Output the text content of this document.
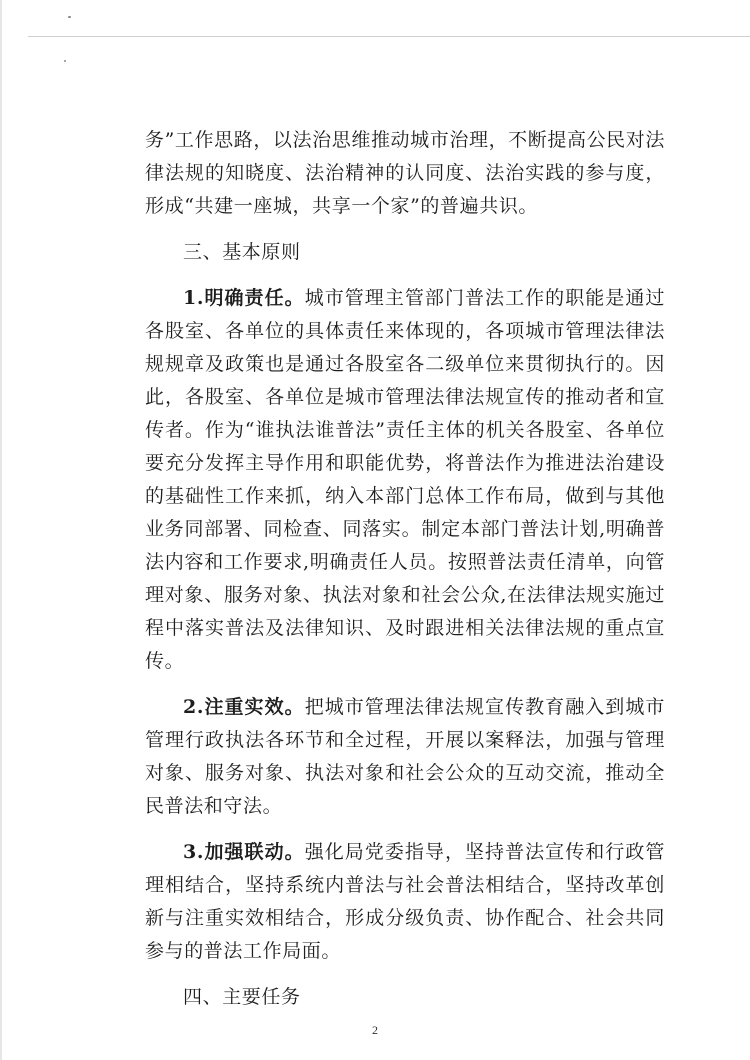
务”工作思路，以法治思维推动城市治理，不断提高公民对法律法规的知晓度、法治精神的认同度、法治实践的参与度，形成“共建一座城，共享一个家”的普遍共识。

三、基本原则

1.明确责任。城市管理主管部门普法工作的职能是通过各股室、各单位的具体责任来体现的，各项城市管理法律法规规章及政策也是通过各股室各二级单位来贯彻执行的。因此，各股室、各单位是城市管理法律法规宣传的推动者和宣传者。作为“谁执法谁普法”责任主体的机关各股室、各单位要充分发挥主导作用和职能优势，将普法作为推进法治建设的基础性工作来抓，纳入本部门总体工作布局，做到与其他业务同部署、同检查、同落实。制定本部门普法计划,明确普法内容和工作要求,明确责任人员。按照普法责任清单，向管理对象、服务对象、执法对象和社会公众,在法律法规实施过程中落实普法及法律知识、及时跟进相关法律法规的重点宣传。

2.注重实效。把城市管理法律法规宣传教育融入到城市管理行政执法各环节和全过程，开展以案释法，加强与管理对象、服务对象、执法对象和社会公众的互动交流，推动全民普法和守法。

3.加强联动。强化局党委指导，坚持普法宣传和行政管理相结合，坚持系统内普法与社会普法相结合，坚持改革创新与注重实效相结合，形成分级负责、协作配合、社会共同参与的普法工作局面。

四、主要任务

2
